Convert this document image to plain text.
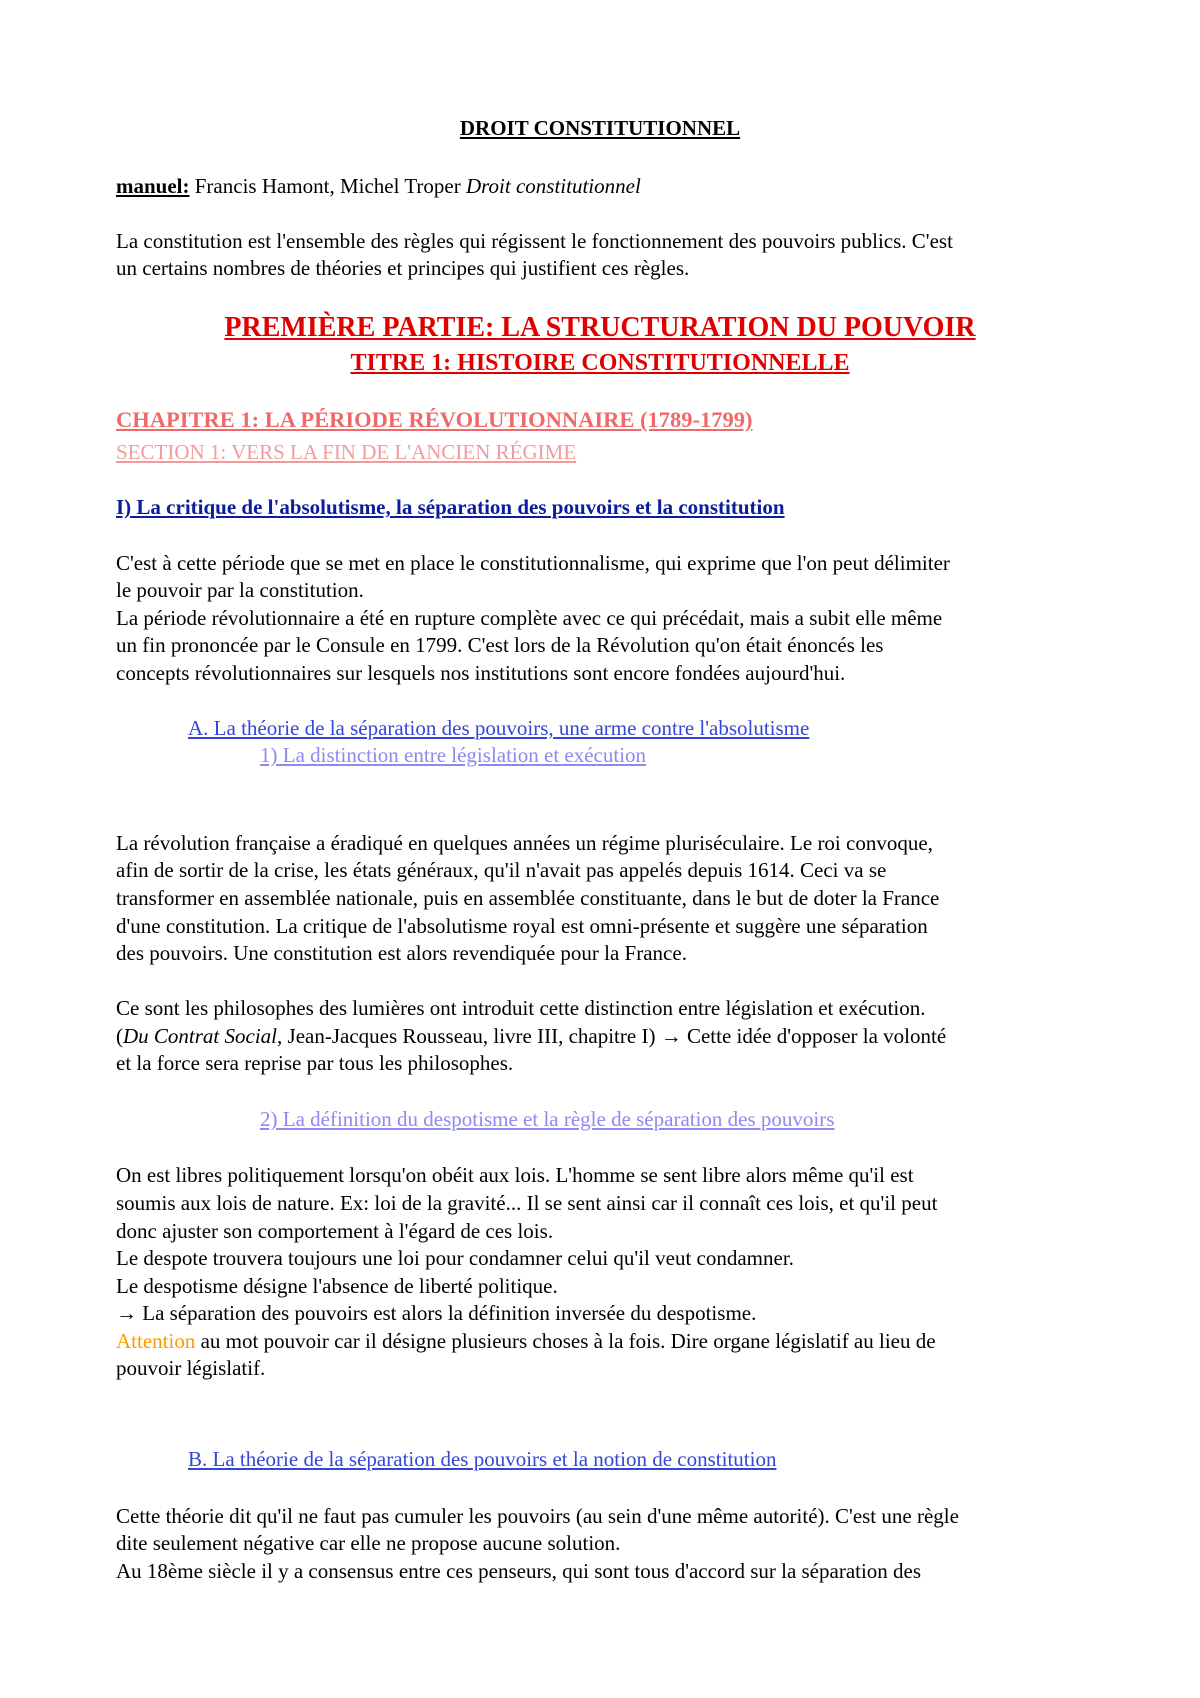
DROIT CONSTITUTIONNEL
manuel: Francis Hamont, Michel Troper Droit constitutionnel
La constitution est l'ensemble des règles qui régissent le fonctionnement des pouvoirs publics. C'est
un certains nombres de théories et principes qui justifient ces règles.
PREMIÈRE PARTIE: LA STRUCTURATION DU POUVOIR
TITRE 1: HISTOIRE CONSTITUTIONNELLE
CHAPITRE 1: LA PÉRIODE RÉVOLUTIONNAIRE (1789-1799)
SECTION 1: VERS LA FIN DE L'ANCIEN RÉGIME
I) La critique de l'absolutisme, la séparation des pouvoirs et la constitution
C'est à cette période que se met en place le constitutionnalisme, qui exprime que l'on peut délimiter
le pouvoir par la constitution.
La période révolutionnaire a été en rupture complète avec ce qui précédait, mais a subit elle même
un fin prononcée par le Consule en 1799. C'est lors de la Révolution qu'on était énoncés les
concepts révolutionnaires sur lesquels nos institutions sont encore fondées aujourd'hui.
A. La théorie de la séparation des pouvoirs, une arme contre l'absolutisme
1) La distinction entre législation et exécution
La révolution française a éradiqué en quelques années un régime pluriséculaire. Le roi convoque,
afin de sortir de la crise, les états généraux, qu'il n'avait pas appelés depuis 1614. Ceci va se
transformer en assemblée nationale, puis en assemblée constituante, dans le but de doter la France
d'une constitution. La critique de l'absolutisme royal est omni-présente et suggère une séparation
des pouvoirs. Une constitution est alors revendiquée pour la France.
Ce sont les philosophes des lumières ont introduit cette distinction entre législation et exécution.
(Du Contrat Social, Jean-Jacques Rousseau, livre III, chapitre I) → Cette idée d'opposer la volonté
et la force sera reprise par tous les philosophes.
2) La définition du despotisme et la règle de séparation des pouvoirs
On est libres politiquement lorsqu'on obéit aux lois. L'homme se sent libre alors même qu'il est
soumis aux lois de nature. Ex: loi de la gravité... Il se sent ainsi car il connaît ces lois, et qu'il peut
donc ajuster son comportement à l'égard de ces lois.
Le despote trouvera toujours une loi pour condamner celui qu'il veut condamner.
Le despotisme désigne l'absence de liberté politique.
→ La séparation des pouvoirs est alors la définition inversée du despotisme.
Attention au mot pouvoir car il désigne plusieurs choses à la fois. Dire organe législatif au lieu de
pouvoir législatif.
B. La théorie de la séparation des pouvoirs et la notion de constitution
Cette théorie dit qu'il ne faut pas cumuler les pouvoirs (au sein d'une même autorité). C'est une règle
dite seulement négative car elle ne propose aucune solution.
Au 18ème siècle il y a consensus entre ces penseurs, qui sont tous d'accord sur la séparation des
